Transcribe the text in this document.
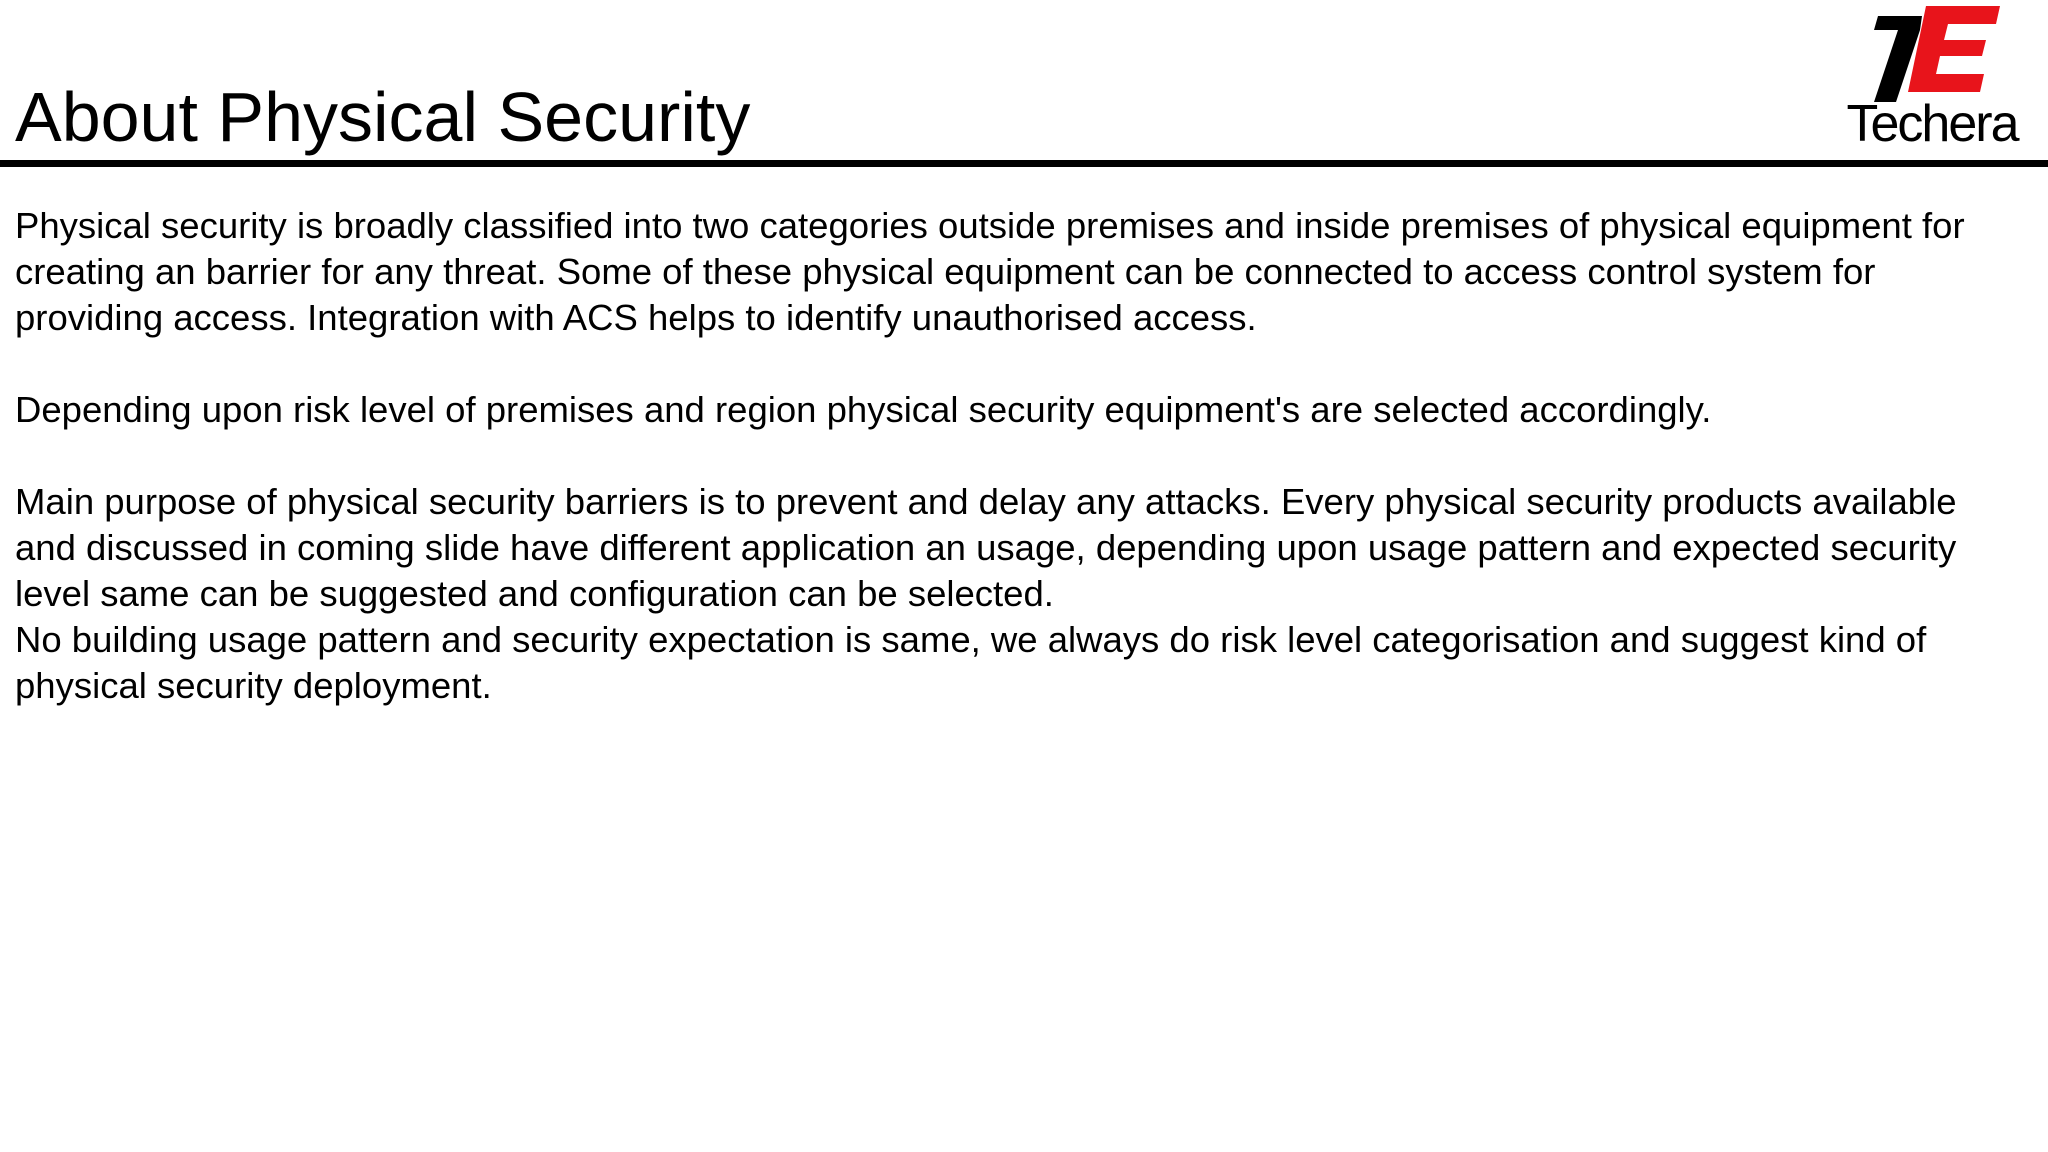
About Physical Security	Techera

Physical security is broadly classified into two categories outside premises and inside premises of physical equipment for creating an barrier for any threat. Some of these physical equipment can be connected to access control system for providing access. Integration with ACS helps to identify unauthorised access.

Depending upon risk level of premises and region physical security equipment's are selected accordingly.

Main purpose of physical security barriers is to prevent and delay any attacks. Every physical security products available and discussed in coming slide have different application an usage, depending upon usage pattern and expected security level same can be suggested and configuration can be selected.

No building usage pattern and security expectation is same, we always do risk level categorisation and suggest kind of physical security deployment.
